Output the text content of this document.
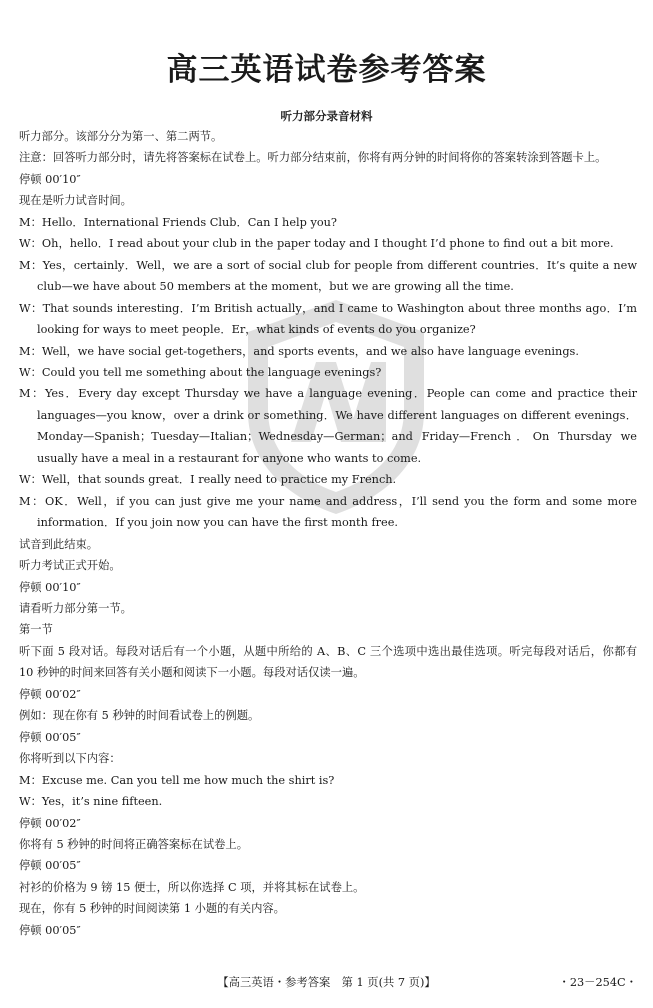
高三英语试卷参考答案
听力部分录音材料

听力部分。该部分分为第一、第二两节。

注意：回答听力部分时，请先将答案标在试卷上。听力部分结束前，你将有两分钟的时间将你的答案转涂到答题卡上。

停顿 00′10″

现在是听力试音时间。

M：Hello．International Friends Club．Can I help you?

W：Oh，hello．I read about your club in the paper today and I thought I’d phone to find out a bit more.

M：Yes，certainly．Well，we are a sort of social club for people from different countries．It’s quite a new club—we have about 50 members at the moment，but we are growing all the time.

W：That sounds interesting．I’m British actually，and I came to Washington about three months ago．I’m looking for ways to meet people．Er，what kinds of events do you organize?

M：Well，we have social get-togethers，and sports events，and we also have language evenings.

W：Could you tell me something about the language evenings?

M：Yes．Every day except Thursday we have a language evening．People can come and practice their languages—you know，over a drink or something．We have different languages on different evenings．Monday—Spanish；Tuesday—Italian；Wednesday—German；and Friday—French．On Thursday we usually have a meal in a restaurant for anyone who wants to come.

W：Well，that sounds great．I really need to practice my French.

M：OK．Well，if you can just give me your name and address，I’ll send you the form and some more information．If you join now you can have the first month free.

试音到此结束。

听力考试正式开始。

停顿 00′10″

请看听力部分第一节。

第一节

听下面 5 段对话。每段对话后有一个小题，从题中所给的 A、B、C 三个选项中选出最佳选项。听完每段对话后，你都有 10 秒钟的时间来回答有关小题和阅读下一小题。每段对话仅读一遍。

停顿 00′02″

例如：现在你有 5 秒钟的时间看试卷上的例题。

停顿 00′05″

你将听到以下内容：

M：Excuse me. Can you tell me how much the shirt is?

W：Yes，it’s nine fifteen.

停顿 00′02″

你将有 5 秒钟的时间将正确答案标在试卷上。

停顿 00′05″

衬衫的价格为 9 镑 15 便士，所以你选择 C 项，并将其标在试卷上。

现在，你有 5 秒钟的时间阅读第 1 小题的有关内容。

停顿 00′05″

【高三英语・参考答案　第 1 页(共 7 页)】	・23－254C・
